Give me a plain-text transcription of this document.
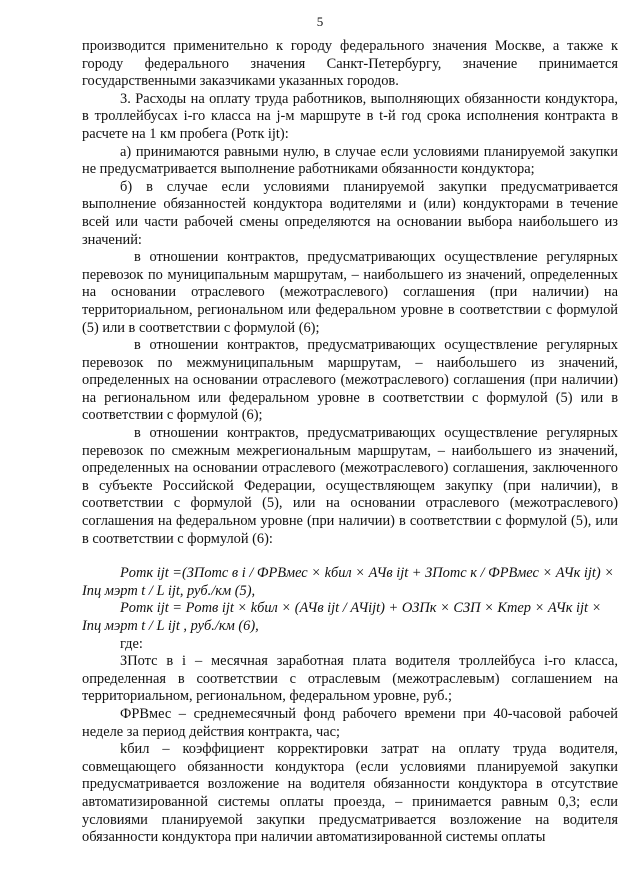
5

производится применительно к городу федерального значения Москве, а также к городу федерального значения Санкт-Петербургу, значение принимается государственными заказчиками указанных городов.

3. Расходы на оплату труда работников, выполняющих обязанности кондуктора, в троллейбусах i-го класса на j-м маршруте в t-й год срока исполнения контракта в расчете на 1 км пробега (Pотк ijt):

а) принимаются равными нулю, в случае если условиями планируемой закупки не предусматривается выполнение работниками обязанности кондуктора;

б) в случае если условиями планируемой закупки предусматривается выполнение обязанностей кондуктора водителями и (или) кондукторами в течение всей или части рабочей смены определяются на основании выбора наибольшего из значений:

в отношении контрактов, предусматривающих осуществление регулярных перевозок по муниципальным маршрутам, – наибольшего из значений, определенных на основании отраслевого (межотраслевого) соглашения (при наличии) на территориальном, региональном или федеральном уровне в соответствии с формулой (5) или в соответствии с формулой (6);

в отношении контрактов, предусматривающих осуществление регулярных перевозок по межмуниципальным маршрутам, – наибольшего из значений, определенных на основании отраслевого (межотраслевого) соглашения (при наличии) на региональном или федеральном уровне в соответствии с формулой (5) или в соответствии с формулой (6);

в отношении контрактов, предусматривающих осуществление регулярных перевозок по смежным межрегиональным маршрутам, – наибольшего из значений, определенных на основании отраслевого (межотраслевого) соглашения, заключенного в субъекте Российской Федерации, осуществляющем закупку (при наличии), в соответствии с формулой (5), или на основании отраслевого (межотраслевого) соглашения на федеральном уровне (при наличии) в соответствии с формулой (5), или в соответствии с формулой (6):

Pотк ijt =(ЗПотс в i / ФРВмес × kбил × АЧв ijt + ЗПотс к / ФРВмес × АЧк ijt) × Iпц мэрт t / L ijt, руб./км (5),

Pотк ijt = Pотв ijt × kбил × (АЧв ijt / АЧijt) + ОЗПк × СЗП × Kтер × АЧк ijt × Iпц мэрт t / L ijt , руб./км (6),

где:

ЗПотс в i – месячная заработная плата водителя троллейбуса i-го класса, определенная в соответствии с отраслевым (межотраслевым) соглашением на территориальном, региональном, федеральном уровне, руб.;

ФРВмес – среднемесячный фонд рабочего времени при 40-часовой рабочей неделе за период действия контракта, час;

kбил – коэффициент корректировки затрат на оплату труда водителя, совмещающего обязанности кондуктора (если условиями планируемой закупки предусматривается возложение на водителя обязанности кондуктора в отсутствие автоматизированной системы оплаты проезда, – принимается равным 0,3; если условиями планируемой закупки предусматривается возложение на водителя обязанности кондуктора при наличии автоматизированной системы оплаты
